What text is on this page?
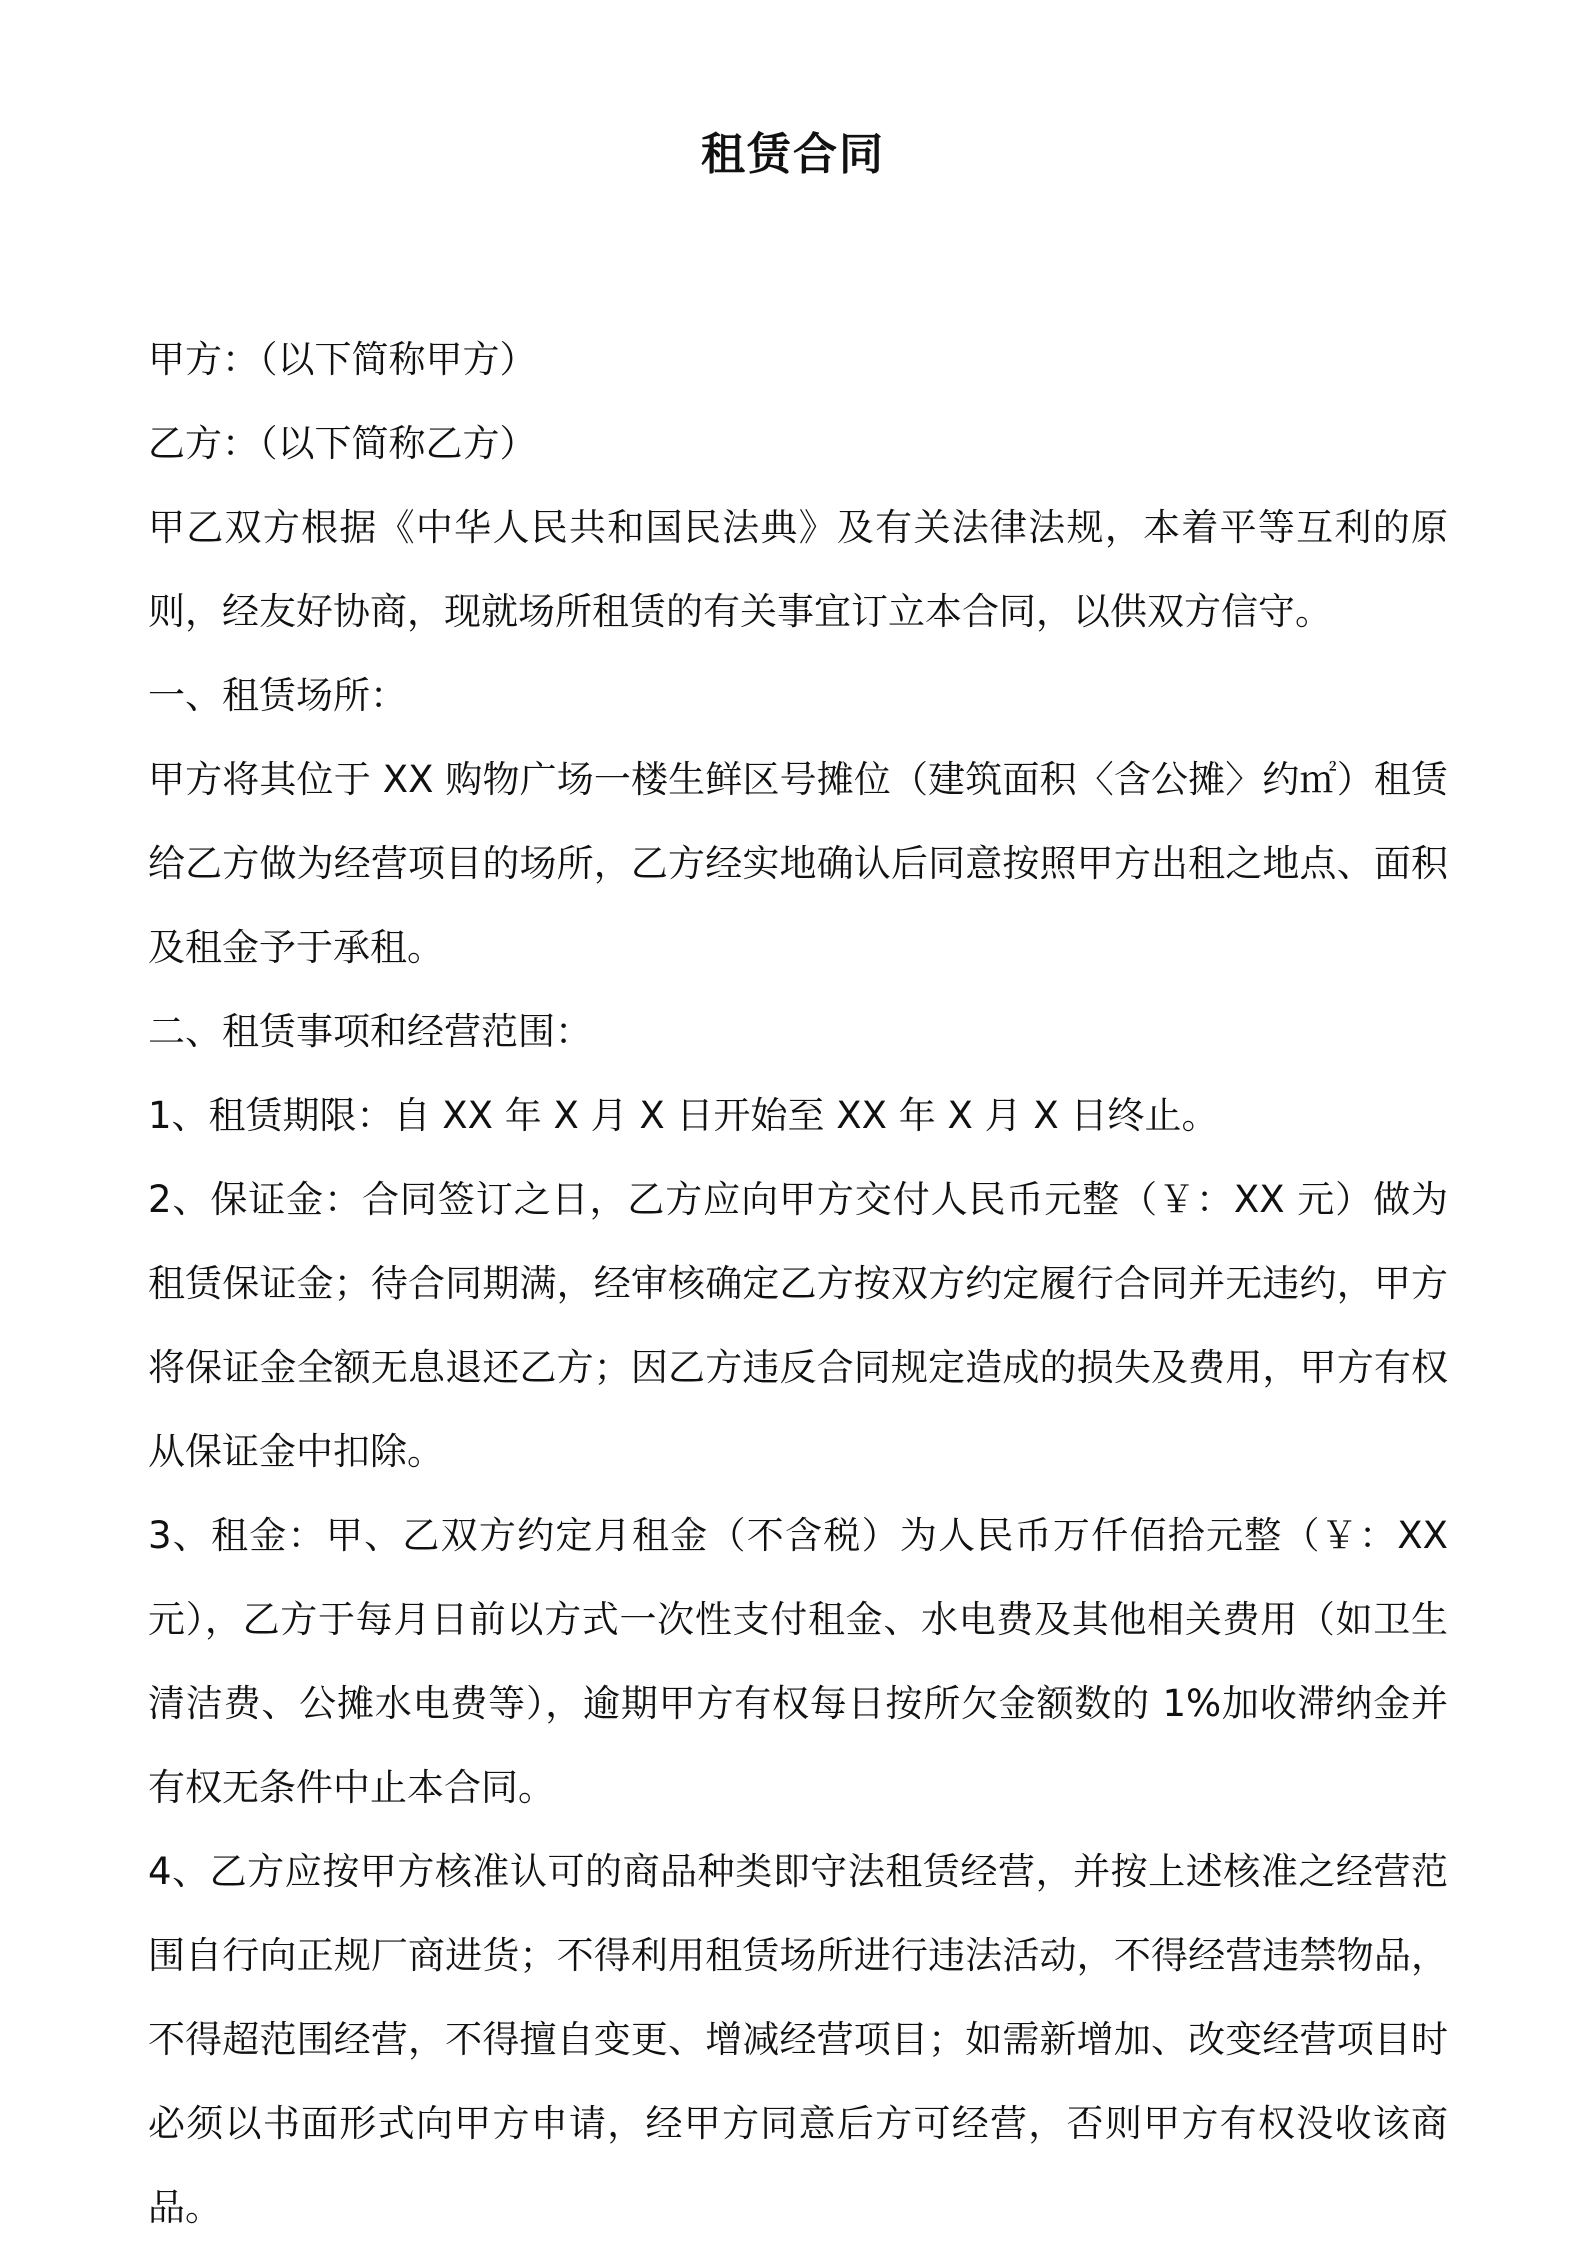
租赁合同

甲方：（以下简称甲方）

乙方：（以下简称乙方）

甲乙双方根据《中华人民共和国民法典》及有关法律法规，本着平等互利的原则，经友好协商，现就场所租赁的有关事宜订立本合同，以供双方信守。

一、租赁场所：

甲方将其位于 XX 购物广场一楼生鲜区号摊位（建筑面积〈含公摊〉约㎡）租赁给乙方做为经营项目的场所，乙方经实地确认后同意按照甲方出租之地点、面积及租金予于承租。

二、租赁事项和经营范围：

1、租赁期限：自 XX 年 X 月 X 日开始至 XX 年 X 月 X 日终止。

2、保证金：合同签订之日，乙方应向甲方交付人民币元整（￥：XX 元）做为租赁保证金；待合同期满，经审核确定乙方按双方约定履行合同并无违约，甲方将保证金全额无息退还乙方；因乙方违反合同规定造成的损失及费用，甲方有权从保证金中扣除。

3、租金：甲、乙双方约定月租金（不含税）为人民币万仟佰拾元整（￥：XX 元），乙方于每月日前以方式一次性支付租金、水电费及其他相关费用（如卫生清洁费、公摊水电费等），逾期甲方有权每日按所欠金额数的 1%加收滞纳金并有权无条件中止本合同。

4、乙方应按甲方核准认可的商品种类即守法租赁经营，并按上述核准之经营范围自行向正规厂商进货；不得利用租赁场所进行违法活动，不得经营违禁物品，不得超范围经营，不得擅自变更、增减经营项目；如需新增加、改变经营项目时必须以书面形式向甲方申请，经甲方同意后方可经营，否则甲方有权没收该商品。
